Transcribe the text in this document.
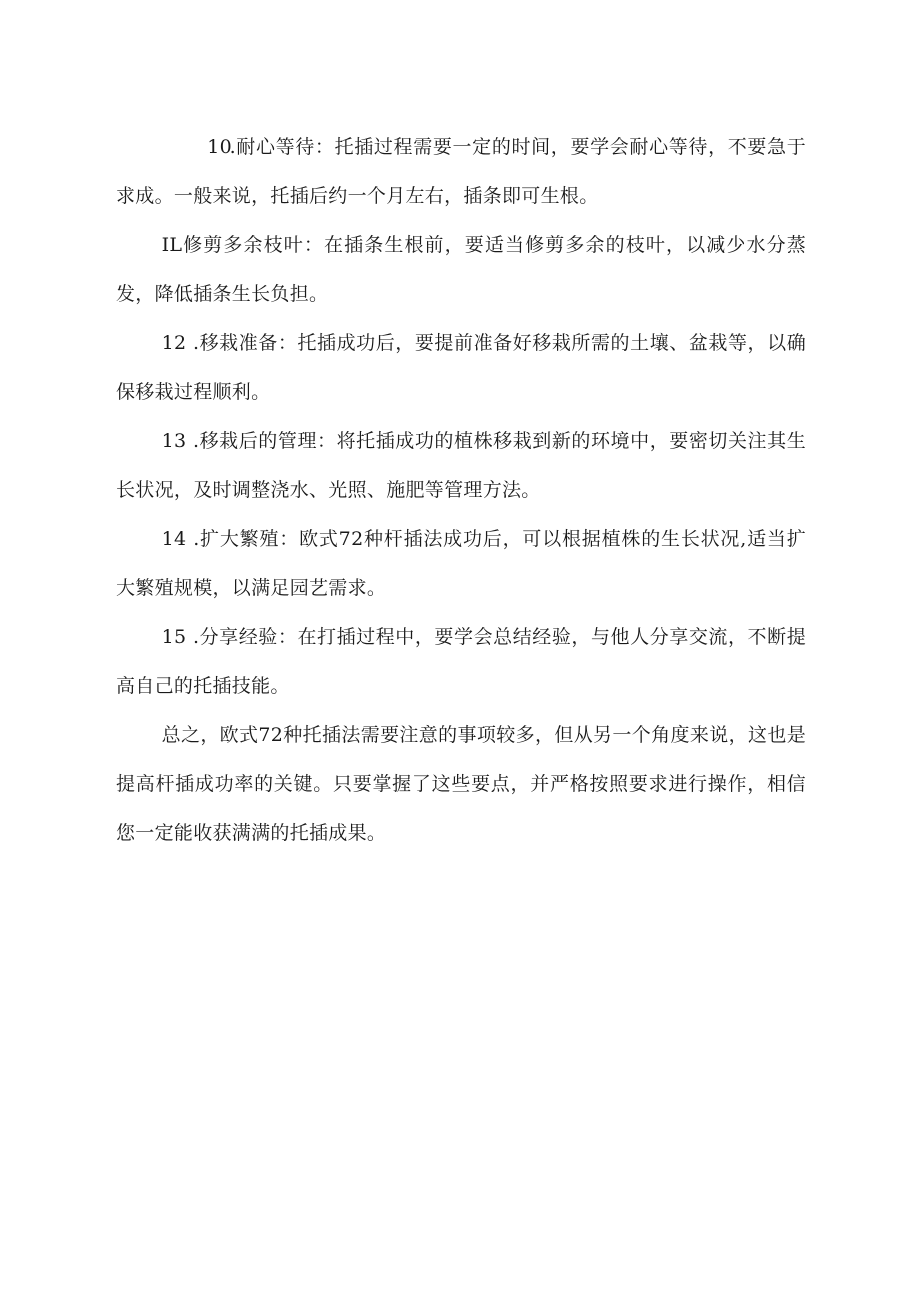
10.耐心等待：托插过程需要一定的时间，要学会耐心等待，不要急于求成。一般来说，托插后约一个月左右，插条即可生根。

IL修剪多余枝叶：在插条生根前，要适当修剪多余的枝叶，以减少水分蒸发，降低插条生长负担。

12 .移栽准备：托插成功后，要提前准备好移栽所需的土壤、盆栽等，以确保移栽过程顺利。

13 .移栽后的管理：将托插成功的植株移栽到新的环境中，要密切关注其生长状况，及时调整浇水、光照、施肥等管理方法。

14 .扩大繁殖：欧式72种杆插法成功后，可以根据植株的生长状况,适当扩大繁殖规模，以满足园艺需求。

15 .分享经验：在打插过程中，要学会总结经验，与他人分享交流，不断提高自己的托插技能。

总之，欧式72种托插法需要注意的事项较多，但从另一个角度来说，这也是提高杆插成功率的关键。只要掌握了这些要点，并严格按照要求进行操作，相信您一定能收获满满的托插成果。
